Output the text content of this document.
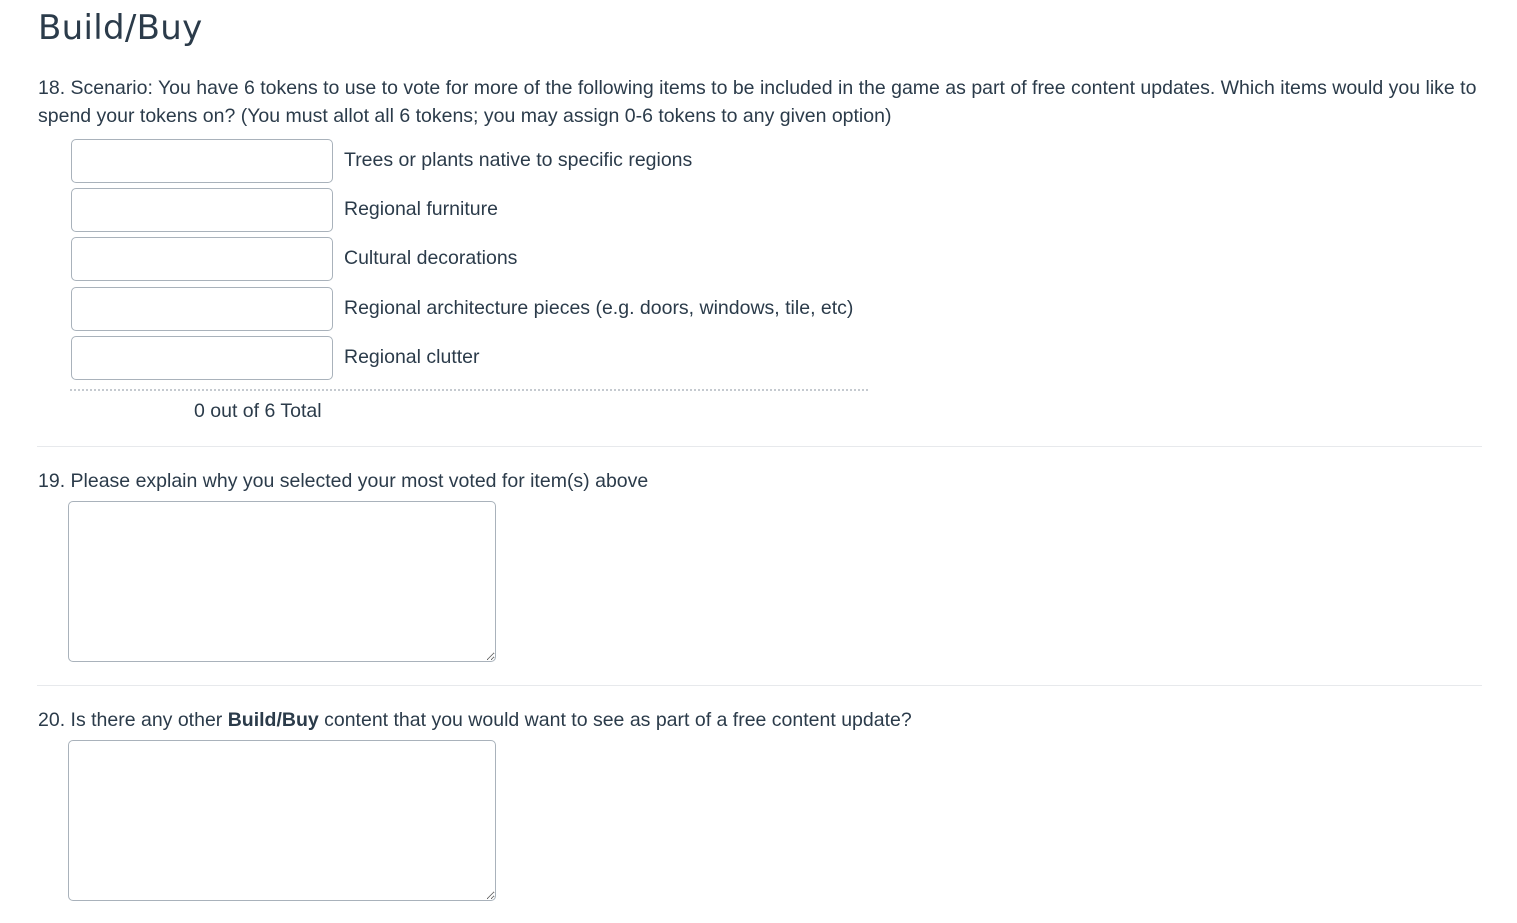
Build/Buy
18. Scenario: You have 6 tokens to use to vote for more of the following items to be included in the game as part of free content updates. Which items would you like to spend your tokens on? (You must allot all 6 tokens; you may assign 0-6 tokens to any given option)
Trees or plants native to specific regions
Regional furniture
Cultural decorations
Regional architecture pieces (e.g. doors, windows, tile, etc)
Regional clutter
0 out of 6 Total
19. Please explain why you selected your most voted for item(s) above
20. Is there any other Build/Buy content that you would want to see as part of a free content update?
